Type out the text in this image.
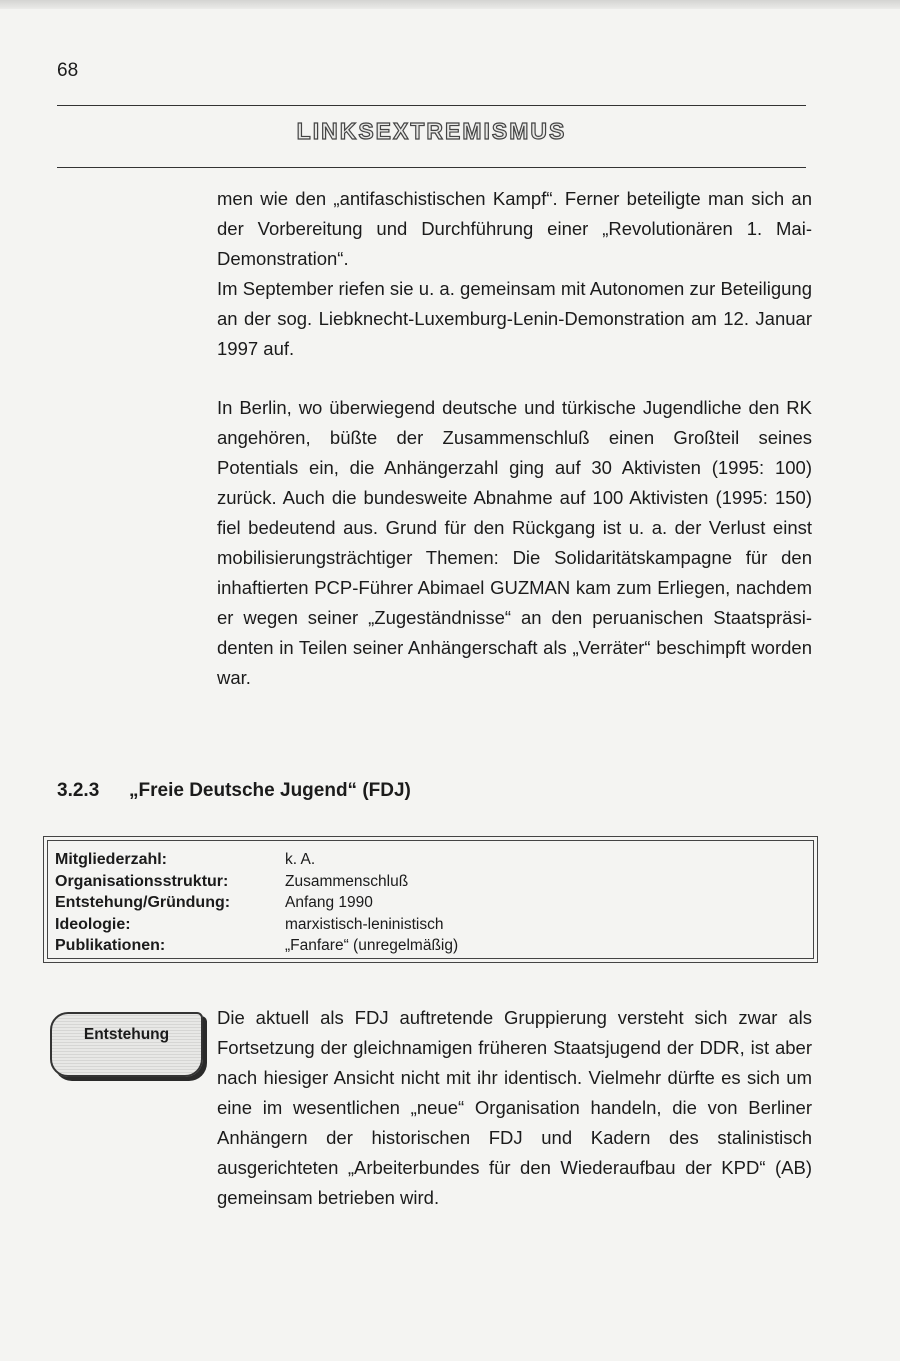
68
LINKSEXTREMISMUS
men wie den „antifaschistischen Kampf“. Ferner beteiligte man sich an der Vorbereitung und Durchführung einer „Revolutionären 1. Mai-Demonstration“.
Im September riefen sie u. a. gemeinsam mit Autonomen zur Beteiligung an der sog. Liebknecht-Luxemburg-Lenin-Demonstration am 12. Januar 1997 auf.

In Berlin, wo überwiegend deutsche und türkische Jugendliche den RK angehören, büßte der Zusammenschluß einen Großteil seines Potentials ein, die Anhängerzahl ging auf 30 Aktivisten (1995: 100) zurück. Auch die bundesweite Abnahme auf 100 Aktivisten (1995: 150) fiel bedeutend aus. Grund für den Rückgang ist u. a. der Verlust einst mobilisierungsträchtiger Themen: Die Solidaritätskampagne für den inhaftierten PCP-Führer Abimael GUZMAN kam zum Erliegen, nachdem er wegen seiner „Zugeständnisse“ an den peruanischen Staatspräsidenten in Teilen seiner Anhängerschaft als „Verräter“ beschimpft worden war.

3.2.3 „Freie Deutsche Jugend“ (FDJ)
Mitgliederzahl:	k. A.
Organisationsstruktur:	Zusammenschluß
Entstehung/Gründung:	Anfang 1990
Ideologie:	marxistisch-leninistisch
Publikationen:	„Fanfare“ (unregelmäßig)
Entstehung

Die aktuell als FDJ auftretende Gruppierung versteht sich zwar als Fortsetzung der gleichnamigen früheren Staatsjugend der DDR, ist aber nach hiesiger Ansicht nicht mit ihr identisch. Vielmehr dürfte es sich um eine im wesentlichen „neue“ Organisation handeln, die von Berliner Anhängern der historischen FDJ und Kadern des stalinistisch ausgerichteten „Arbeiterbundes für den Wiederaufbau der KPD“ (AB) gemeinsam betrieben wird.
